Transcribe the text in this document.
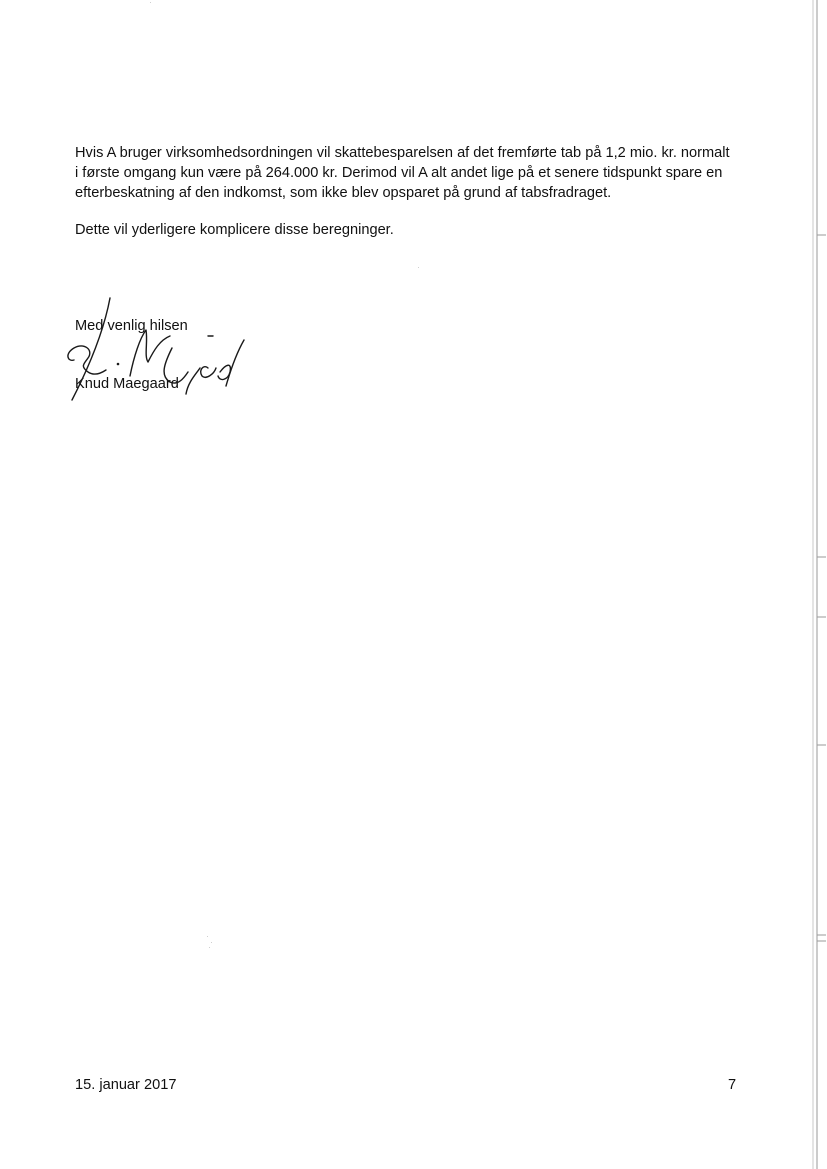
Hvis A bruger virksomhedsordningen vil skattebesparelsen af det fremførte tab på 1,2 mio. kr. normalt
i første omgang kun være på 264.000 kr. Derimod vil A alt andet lige på et senere tidspunkt spare en
efterbeskatning af den indkomst, som ikke blev opsparet på grund af tabsfradraget.

Dette vil yderligere komplicere disse beregninger.

Med venlig hilsen
Knud Maegaard
15. januar 2017	7
